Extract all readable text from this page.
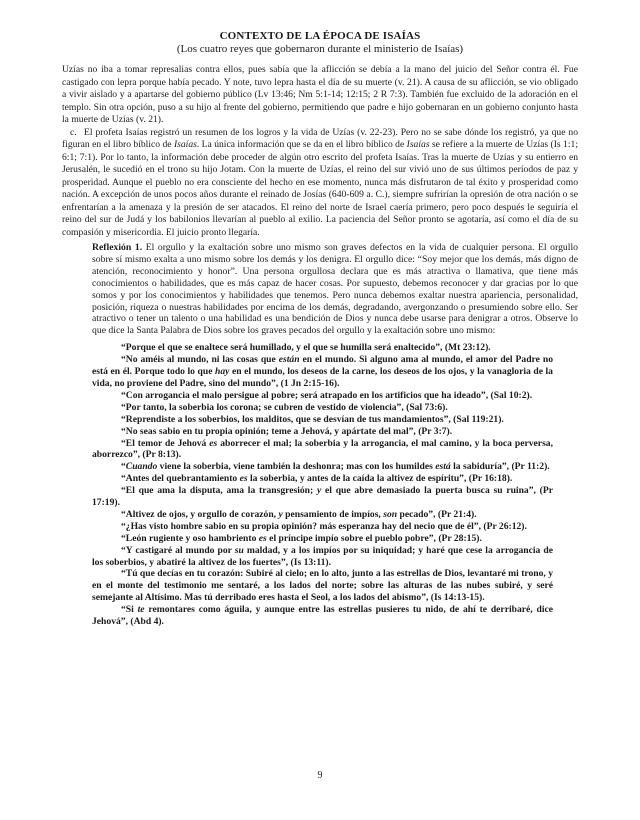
CONTEXTO DE LA ÉPOCA DE ISAÍAS
(Los cuatro reyes que gobernaron durante el ministerio de Isaías)

Uzías no iba a tomar represalias contra ellos, pues sabía que la aflicción se debía a la mano del juicio del Señor contra él. Fue castigado con lepra porque había pecado. Y note, tuvo lepra hasta el día de su muerte (v. 21). A causa de su aflicción, se vio obligado a vivir aislado y a apartarse del gobierno público (Lv 13:46; Nm 5:1-14; 12:15; 2 R 7:3). También fue excluido de la adoración en el templo. Sin otra opción, puso a su hijo al frente del gobierno, permitiendo que padre e hijo gobernaran en un gobierno conjunto hasta la muerte de Uzías (v. 21).

c. El profeta Isaías registró un resumen de los logros y la vida de Uzías (v. 22-23). Pero no se sabe dónde los registró, ya que no figuran en el libro bíblico de Isaías. La única información que se da en el libro bíblico de Isaías se refiere a la muerte de Uzías (Is 1:1; 6:1; 7:1). Por lo tanto, la información debe proceder de algún otro escrito del profeta Isaías. Tras la muerte de Uzías y su entierro en Jerusalén, le sucedió en el trono su hijo Jotam. Con la muerte de Uzías, el reino del sur vivió uno de sus últimos períodos de paz y prosperidad. Aunque el pueblo no era consciente del hecho en ese momento, nunca más disfrutaron de tal éxito y prosperidad como nación. A excepción de unos pocos años durante el reinado de Josías (640-609 a. C.), siempre sufrirían la opresión de otra nación o se enfrentarían a la amenaza y la presión de ser atacados. El reino del norte de Israel caería primero, pero poco después le seguiría el reino del sur de Judá y los babilonios llevarían al pueblo al exilio. La paciencia del Señor pronto se agotaría, así como el día de su compasión y misericordia. El juicio pronto llegaría.

Reflexión 1. El orgullo y la exaltación sobre uno mismo son graves defectos en la vida de cualquier persona. El orgullo sobre sí mismo exalta a uno mismo sobre los demás y los denigra. El orgullo dice: “Soy mejor que los demás, más digno de atención, reconocimiento y honor”. Una persona orgullosa declara que es más atractiva o llamativa, que tiene más conocimientos o habilidades, que es más capaz de hacer cosas. Por supuesto, debemos reconocer y dar gracias por lo que somos y por los conocimientos y habilidades que tenemos. Pero nunca debemos exaltar nuestra apariencia, personalidad, posición, riqueza o nuestras habilidades por encima de los demás, degradando, avergonzando o presumiendo sobre ello. Ser atractivo o tener un talento o una habilidad es una bendición de Dios y nunca debe usarse para denigrar a otros. Observe lo que dice la Santa Palabra de Dios sobre los graves pecados del orgullo y la exaltación sobre uno mismo:

“Porque el que se enaltece será humillado, y el que se humilla será enaltecido”, (Mt 23:12).

“No améis al mundo, ni las cosas que están en el mundo. Si alguno ama al mundo, el amor del Padre no está en él. Porque todo lo que hay en el mundo, los deseos de la carne, los deseos de los ojos, y la vanagloria de la vida, no proviene del Padre, sino del mundo”, (1 Jn 2:15-16).

“Con arrogancia el malo persigue al pobre; será atrapado en los artificios que ha ideado”, (Sal 10:2).

“Por tanto, la soberbia los corona; se cubren de vestido de violencia”, (Sal 73:6).

“Reprendiste a los soberbios, los malditos, que se desvían de tus mandamientos”, (Sal 119:21).

“No seas sabio en tu propia opinión; teme a Jehová, y apártate del mal”, (Pr 3:7).

“El temor de Jehová es aborrecer el mal; la soberbia y la arrogancia, el mal camino, y la boca perversa, aborrezco”, (Pr 8:13).

“Cuando viene la soberbia, viene también la deshonra; mas con los humildes está la sabiduría”, (Pr 11:2).

“Antes del quebrantamiento es la soberbia, y antes de la caída la altivez de espíritu”, (Pr 16:18).

“El que ama la disputa, ama la transgresión; y el que abre demasiado la puerta busca su ruina”, (Pr 17:19).

“Altivez de ojos, y orgullo de corazón, y pensamiento de impíos, son pecado”, (Pr 21:4).

“¿Has visto hombre sabio en su propia opinión? más esperanza hay del necio que de él”, (Pr 26:12).

“León rugiente y oso hambriento es el príncipe impío sobre el pueblo pobre”, (Pr 28:15).

“Y castigaré al mundo por su maldad, y a los impíos por su iniquidad; y haré que cese la arrogancia de los soberbios, y abatiré la altivez de los fuertes”, (Is 13:11).

“Tú que decías en tu corazón: Subiré al cielo; en lo alto, junto a las estrellas de Dios, levantaré mi trono, y en el monte del testimonio me sentaré, a los lados del norte; sobre las alturas de las nubes subiré, y seré semejante al Altísimo. Mas tú derribado eres hasta el Seol, a los lados del abismo”, (Is 14:13-15).

“Si te remontares como águila, y aunque entre las estrellas pusieres tu nido, de ahí te derribaré, dice Jehová”, (Abd 4).

9
